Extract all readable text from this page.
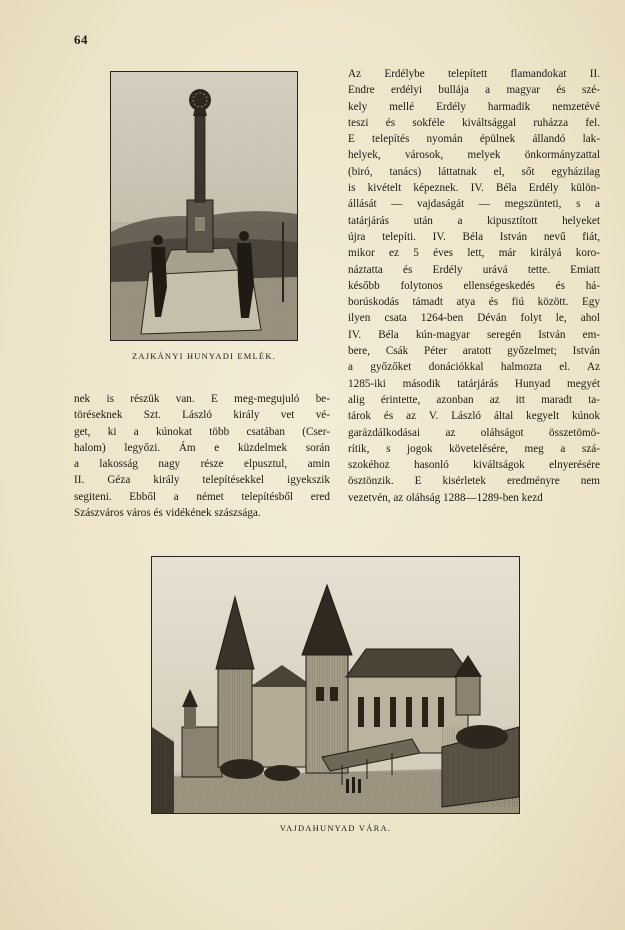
64
ZAJKÁNYI HUNYADI EMLÉK.
Az Erdélybe telepített flamandokat II.
Endre erdélyi bullája a magyar és szé-
kely mellé Erdély harmadik nemzetévé
teszi és sokféle kiváltsággal ruházza fel.
E telepítés nyomán épülnek állandó lak-
helyek, városok, melyek önkormányzattal
(biró, tanács) láttatnak el, sőt egyházilag
is kivételt képeznek. IV. Béla Erdély külön-
állását — vajdaságát — megszünteti, s a
tatárjárás után a kipusztított helyeket
újra telepíti. IV. Béla István nevű fiát,
mikor ez 5 éves lett, már királyá koro-
náztatta és Erdély urává tette. Emiatt
később folytonos ellenségeskedés és há-
borúskodás támadt atya és fiú között. Egy
ilyen csata 1264-ben Déván folyt le, ahol
IV. Béla kún-magyar seregén István em-
bere, Csák Péter aratott győzelmet; István
a győzőket donációkkal halmozta el. Az
1285-iki második tatárjárás Hunyad megyét
alig érintette, azonban az itt maradt ta-
tárok és az V. László által kegyelt kúnok
garázdálkodásai az oláhságot összetömö-
rítik, s jogok követelésére, meg a szá-
szokéhoz hasonló kiváltságok elnyerésére
ösztönzik. E kisérletek eredményre nem
vezetvén, az oláhság 1288—1289-ben kezd
nek is részük van. E meg-megujuló be-
töréseknek Szt. László király vet vé-
get, ki a kúnokat több csatában (Cser-
halom) legyőzi. Ám e küzdelmek során
a lakosság nagy része elpusztul, amin
II. Géza király telepítésekkel igyekszik
segiteni. Ebből a német telepítésből ered
Szászváros város és vidékének szászsága.
VAJDAHUNYAD VÁRA.
